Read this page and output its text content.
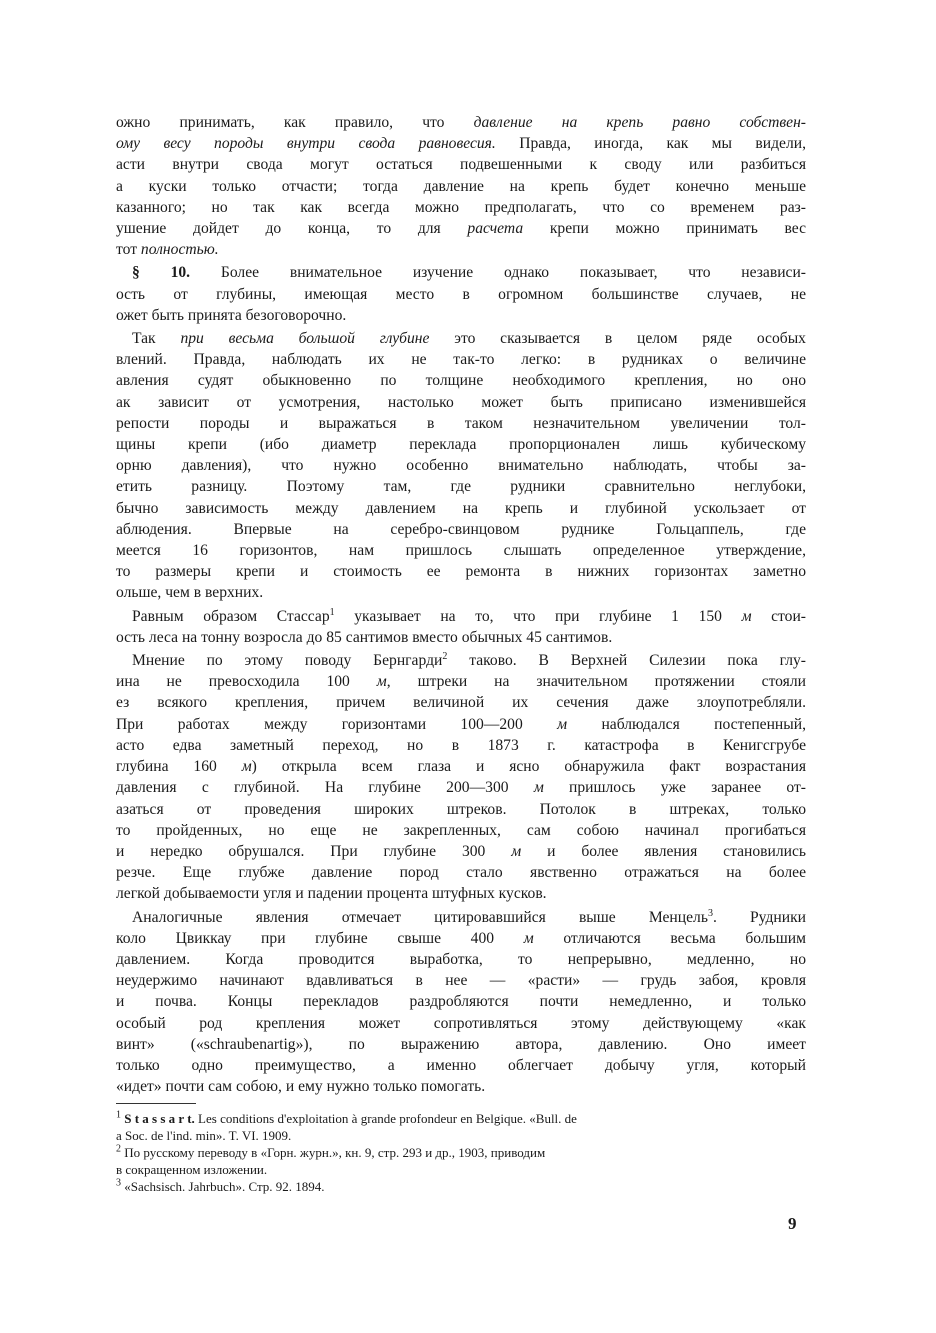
ожно принимать, как правило, что давление на крепь равно собствен-
ому весу породы внутри свода равновесия. Правда, иногда, как мы видели,
асти внутри свода могут остаться подвешенными к своду или разбиться
а куски только отчасти; тогда давление на крепь будет конечно меньше
казанного; но так как всегда можно предполагать, что со временем раз-
ушение дойдет до конца, то для расчета крепи можно принимать вес
тот полностью.
§ 10. Более внимательное изучение однако показывает, что независи-
ость от глубины, имеющая место в огромном большинстве случаев, не
ожет быть принята безоговорочно.
Так при весьма большой глубине это сказывается в целом ряде особых
влений. Правда, наблюдать их не так-то легко: в рудниках о величине
авления судят обыкновенно по толщине необходимого крепления, но оно
ак зависит от усмотрения, настолько может быть приписано изменившейся
репости породы и выражаться в таком незначительном увеличении тол-
щины крепи (ибо диаметр переклада пропорционален лишь кубическому
орню давления), что нужно особенно внимательно наблюдать, чтобы за-
етить разницу. Поэтому там, где рудники сравнительно неглубоки,
бычно зависимость между давлением на крепь и глубиной ускользает от
аблюдения. Впервые на серебро-свинцовом руднике Гольцаппель, где
меется 16 горизонтов, нам пришлось слышать определенное утверждение,
то размеры крепи и стоимость ее ремонта в нижних горизонтах заметно
ольше, чем в верхних.
Равным образом Стассар$^1$ указывает на то, что при глубине 1 150 м стои-
ость леса на тонну возросла до 85 сантимов вместо обычных 45 сантимов.
Мнение по этому поводу Бернгарди$^2$ таково. В Верхней Силезии пока глу-
ина не превосходила 100 м, штреки на значительном протяжении стояли
ез всякого крепления, причем величиной их сечения даже злоупотребляли.
При работах между горизонтами 100—200 м наблюдался постепенный,
асто едва заметный переход, но в 1873 г. катастрофа в Кенигсгрубе
глубина 160 м) открыла всем глаза и ясно обнаружила факт возрастания
давления с глубиной. На глубине 200—300 м пришлось уже заранее от-
азаться от проведения широких штреков. Потолок в штреках, только
то пройденных, но еще не закрепленных, сам собою начинал прогибаться
и нередко обрушался. При глубине 300 м и более явления становились
резче. Еще глубже давление пород стало явственно отражаться на более
легкой добываемости угля и падении процента штуфных кусков.
Аналогичные явления отмечает цитировавшийся выше Менцель$^3$. Рудники
коло Цвиккау при глубине свыше 400 м отличаются весьма большим
давлением. Когда проводится выработка, то непрерывно, медленно, но
неудержимо начинают вдавливаться в нее — «расти» — грудь забоя, кровля
и почва. Концы перекладов раздробляются почти немедленно, и только
особый род крепления может сопротивляться этому действующему «как
винт» («schraubenartig»), по выражению автора, давлению. Оно имеет
только одно преимущество, а именно облегчает добычу угля, который
«идет» почти сам собою, и ему нужно только помогать.
$^1$ S t a s s a r t. Les conditions d'exploitation à grande profondeur en Belgique. «Bull. de
a Soc. de l'ind. min». T. VI. 1909.
$^2$ По русскому переводу в «Горн. журн.», кн. 9, стр. 293 и др., 1903, приводим
в сокращенном изложении.
$^3$ «Sachsisch. Jahrbuch». Стр. 92. 1894.
9
